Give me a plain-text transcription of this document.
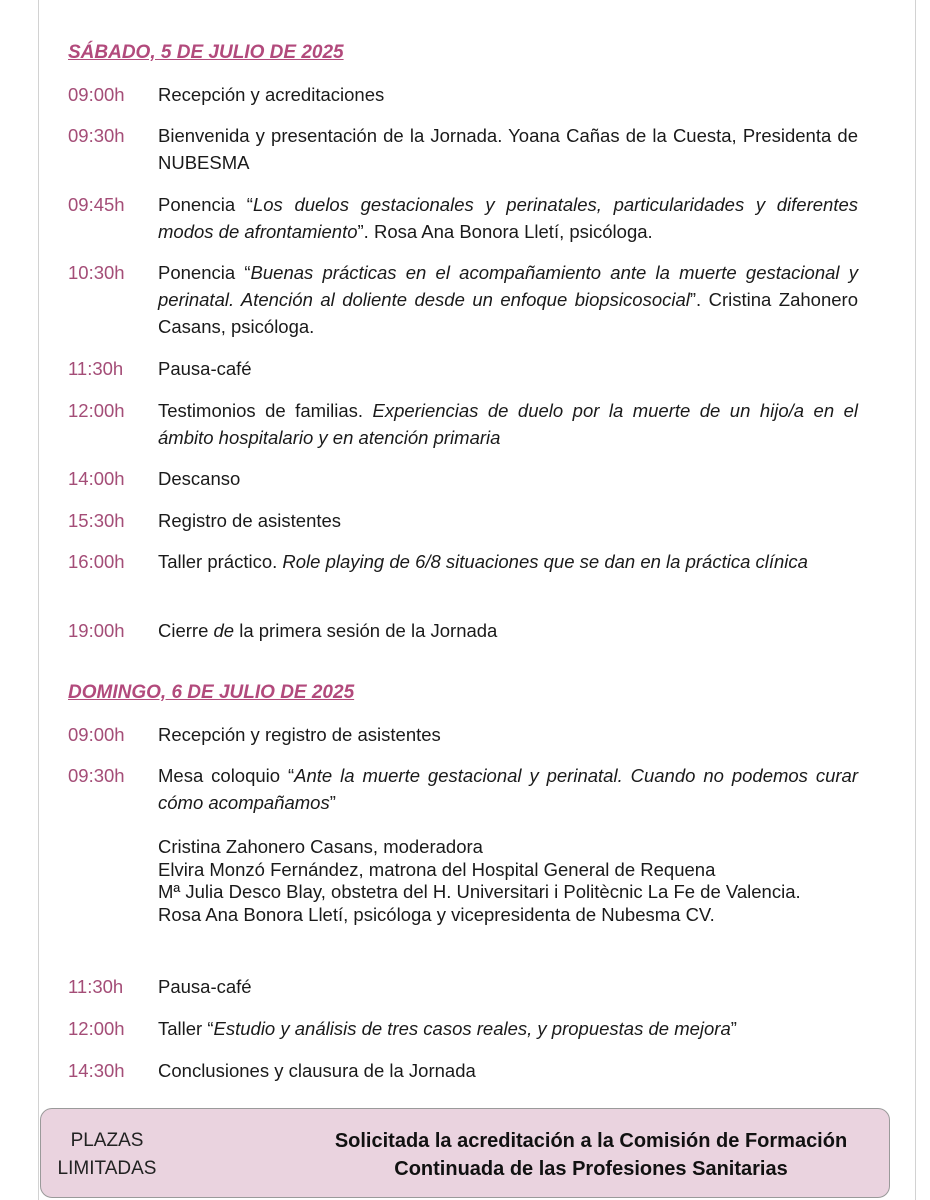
SÁBADO, 5 DE JULIO DE 2025
09:00h	Recepción y acreditaciones
09:30h	Bienvenida y presentación de la Jornada. Yoana Cañas de la Cuesta, Presidenta de NUBESMA
09:45h	Ponencia “Los duelos gestacionales y perinatales, particularidades y diferentes modos de afrontamiento”. Rosa Ana Bonora Lletí, psicóloga.
10:30h	Ponencia “Buenas prácticas en el acompañamiento ante la muerte gestacional y perinatal. Atención al doliente desde un enfoque biopsicosocial”. Cristina Zahonero Casans, psicóloga.
11:30h	Pausa-café
12:00h	Testimonios de familias. Experiencias de duelo por la muerte de un hijo/a en el ámbito hospitalario y en atención primaria
14:00h	Descanso
15:30h	Registro de asistentes
16:00h	Taller práctico. Role playing de 6/8 situaciones que se dan en la práctica clínica
19:00h	Cierre de la primera sesión de la Jornada
DOMINGO, 6 DE JULIO DE 2025
09:00h	Recepción y registro de asistentes
09:30h	Mesa coloquio “Ante la muerte gestacional y perinatal. Cuando no podemos curar cómo acompañamos”
Cristina Zahonero Casans, moderadora
Elvira Monzó Fernández, matrona del Hospital General de Requena
Mª Julia Desco Blay, obstetra del H. Universitari i Politècnic La Fe de Valencia.
Rosa Ana Bonora Lletí, psicóloga y vicepresidenta de Nubesma CV.
11:30h	Pausa-café
12:00h	Taller “Estudio y análisis de tres casos reales, y propuestas de mejora”
14:30h	Conclusiones y clausura de la Jornada
PLAZAS
LIMITADAS
Solicitada la acreditación a la Comisión de Formación
Continuada de las Profesiones Sanitarias
